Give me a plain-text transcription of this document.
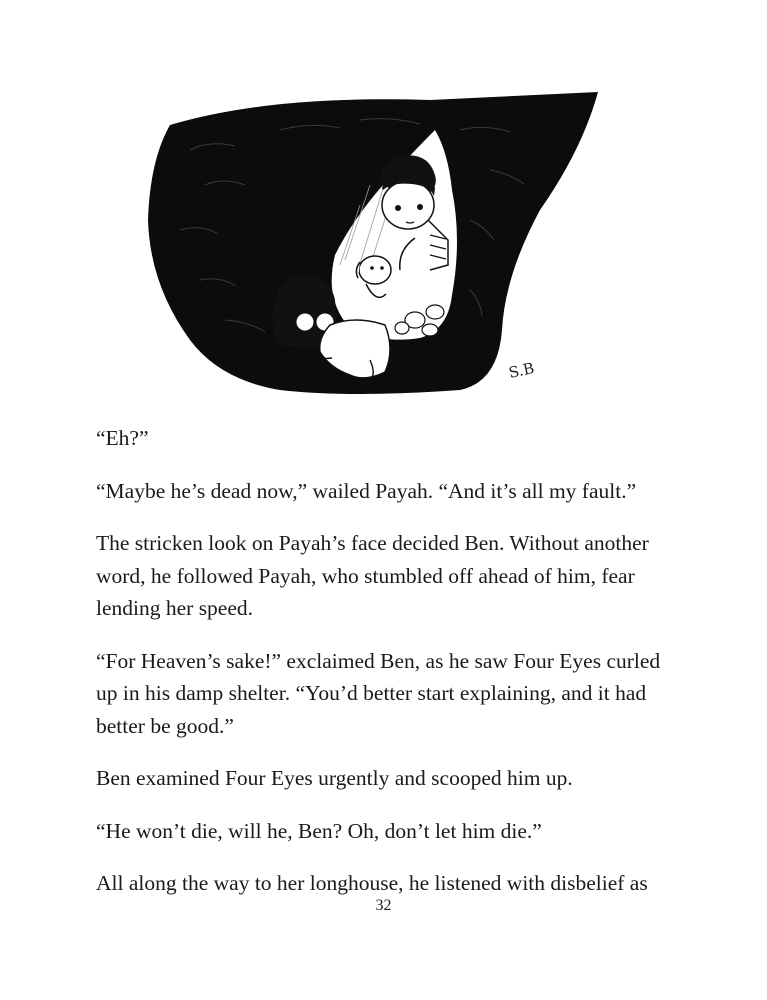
S.B

“Eh?”

“Maybe he’s dead now,” wailed Payah. “And it’s all my fault.”

The stricken look on Payah’s face decided Ben. Without another word, he followed Payah, who stumbled off ahead of him, fear lending her speed.

“For Heaven’s sake!” exclaimed Ben, as he saw Four Eyes curled up in his damp shelter. “You’d better start explaining, and it had better be good.”

Ben examined Four Eyes urgently and scooped him up.

“He won’t die, will he, Ben? Oh, don’t let him die.”

All along the way to her longhouse, he listened with disbelief as

32
